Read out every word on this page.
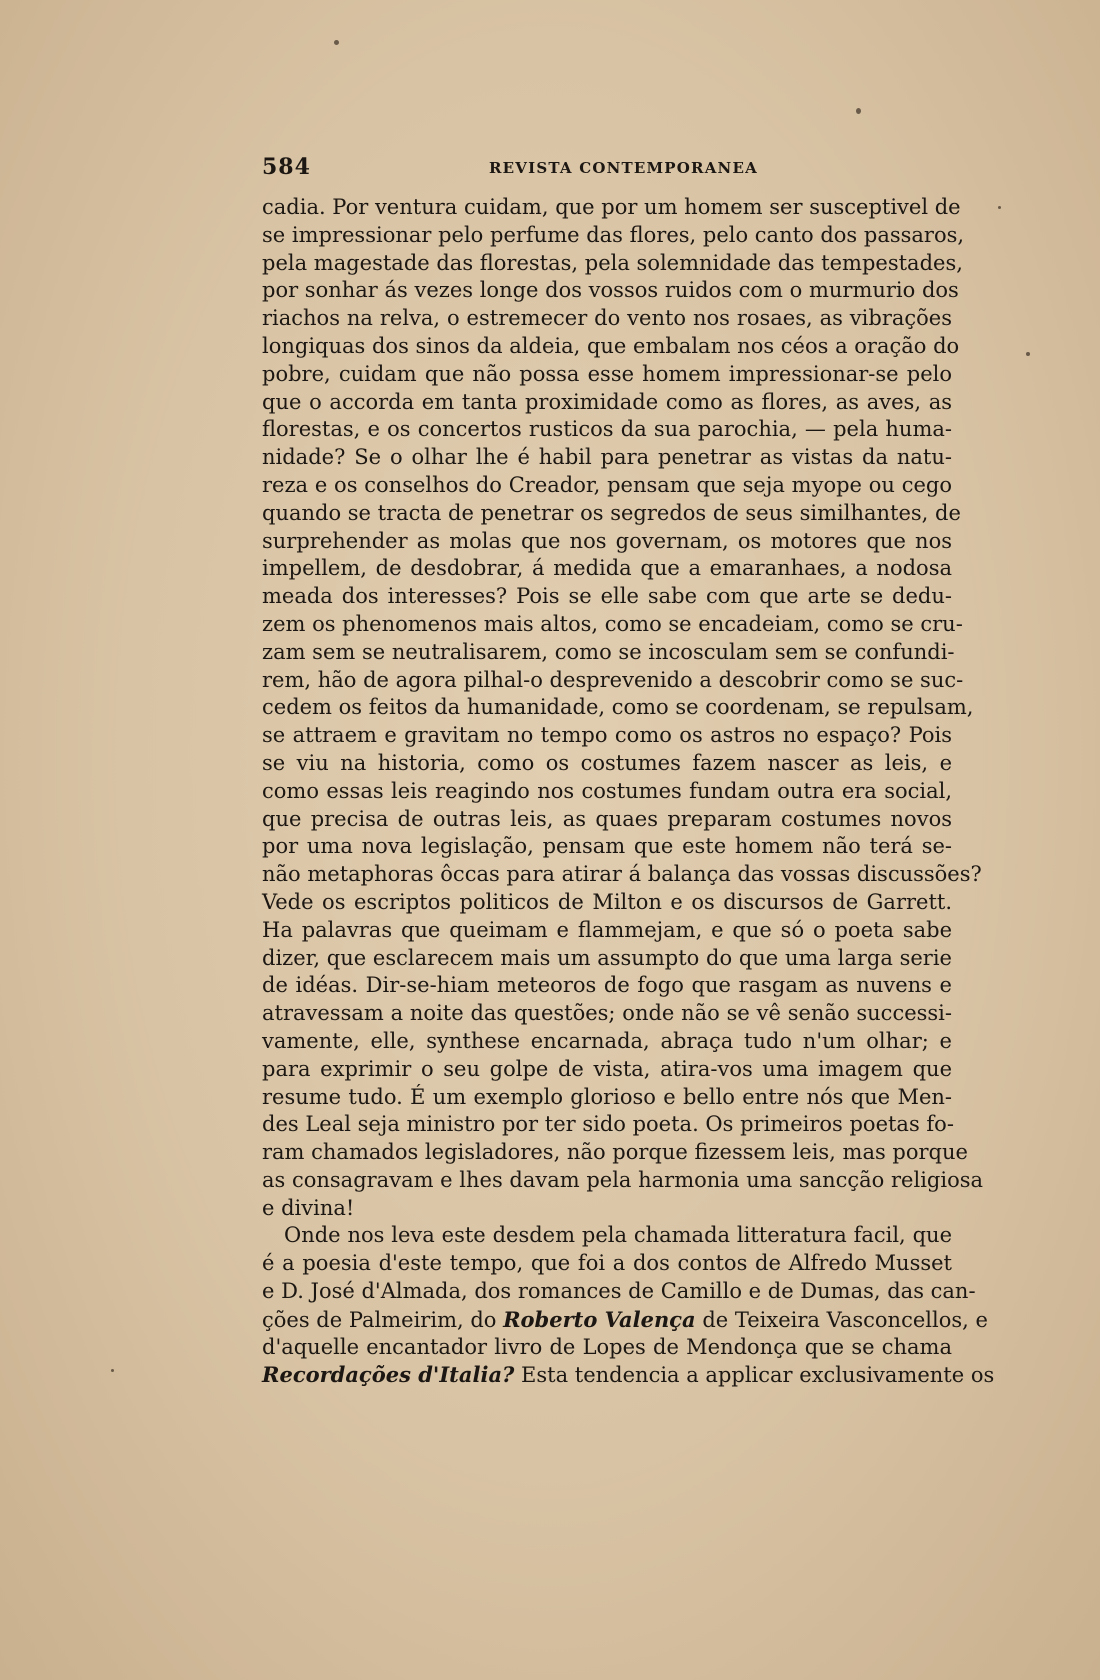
584	REVISTA CONTEMPORANEA
cadia. Por ventura cuidam, que por um homem ser susceptivel de
se impressionar pelo perfume das flores, pelo canto dos passaros,
pela magestade das florestas, pela solemnidade das tempestades,
por sonhar ás vezes longe dos vossos ruidos com o murmurio dos
riachos na relva, o estremecer do vento nos rosaes, as vibrações
longiquas dos sinos da aldeia, que embalam nos céos a oração do
pobre, cuidam que não possa esse homem impressionar-se pelo
que o accorda em tanta proximidade como as flores, as aves, as
florestas, e os concertos rusticos da sua parochia, — pela huma-
nidade? Se o olhar lhe é habil para penetrar as vistas da natu-
reza e os conselhos do Creador, pensam que seja myope ou cego
quando se tracta de penetrar os segredos de seus similhantes, de
surprehender as molas que nos governam, os motores que nos
impellem, de desdobrar, á medida que a emaranhaes, a nodosa
meada dos interesses? Pois se elle sabe com que arte se dedu-
zem os phenomenos mais altos, como se encadeiam, como se cru-
zam sem se neutralisarem, como se incosculam sem se confundi-
rem, hão de agora pilhal-o desprevenido a descobrir como se suc-
cedem os feitos da humanidade, como se coordenam, se repulsam,
se attraem e gravitam no tempo como os astros no espaço? Pois
se viu na historia, como os costumes fazem nascer as leis, e
como essas leis reagindo nos costumes fundam outra era social,
que precisa de outras leis, as quaes preparam costumes novos
por uma nova legislação, pensam que este homem não terá se-
não metaphoras ôccas para atirar á balança das vossas discussões?
Vede os escriptos politicos de Milton e os discursos de Garrett.
Ha palavras que queimam e flammejam, e que só o poeta sabe
dizer, que esclarecem mais um assumpto do que uma larga serie
de idéas. Dir-se-hiam meteoros de fogo que rasgam as nuvens e
atravessam a noite das questões; onde não se vê senão successi-
vamente, elle, synthese encarnada, abraça tudo n'um olhar; e
para exprimir o seu golpe de vista, atira-vos uma imagem que
resume tudo. É um exemplo glorioso e bello entre nós que Men-
des Leal seja ministro por ter sido poeta. Os primeiros poetas fo-
ram chamados legisladores, não porque fizessem leis, mas porque
as consagravam e lhes davam pela harmonia uma sancção religiosa
e divina!
Onde nos leva este desdem pela chamada litteratura facil, que
é a poesia d'este tempo, que foi a dos contos de Alfredo Musset
e D. José d'Almada, dos romances de Camillo e de Dumas, das can-
ções de Palmeirim, do Roberto Valença de Teixeira Vasconcellos, e
d'aquelle encantador livro de Lopes de Mendonça que se chama
Recordações d'Italia? Esta tendencia a applicar exclusivamente os
